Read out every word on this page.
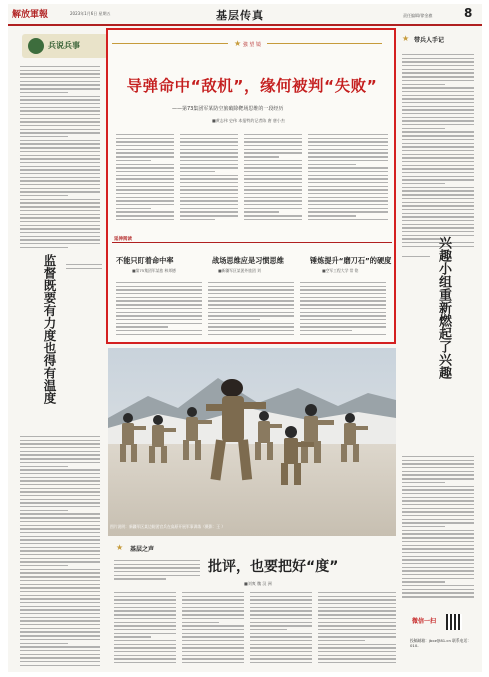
解放軍報	2023年1月6日 星期五	基层传真	责任编辑/徐金旗	8
兵说兵事
监督既要有力度也得有温度
★ 強 望 镜
导弹命中“敌机”，缘何被判“失败”
——第73集团军某防空旅破除靶场思维的一段经历
■黄志伟 史伟 本报特约记者陈 唐 唐小杰
延伸阅读
不能只盯着命中率
■第75集团军某旅 林邦德
战场思维应是习惯思维
■新疆军区某团外旅团 刘
锤炼提升“磨刀石”的硬度
■空军工程大学 常 铭
★ 带兵人手记
兴趣小组重新燃起了兴趣
图片说明：新疆军区某边防团官兵在高原开展军事训练（摄影：王 ）
★ 基层之声
批评，也要把好“度”
■刘爽 魏 汉 洲
微信一扫
投稿邮箱：jbcz@81.cn 联系电话：010-
